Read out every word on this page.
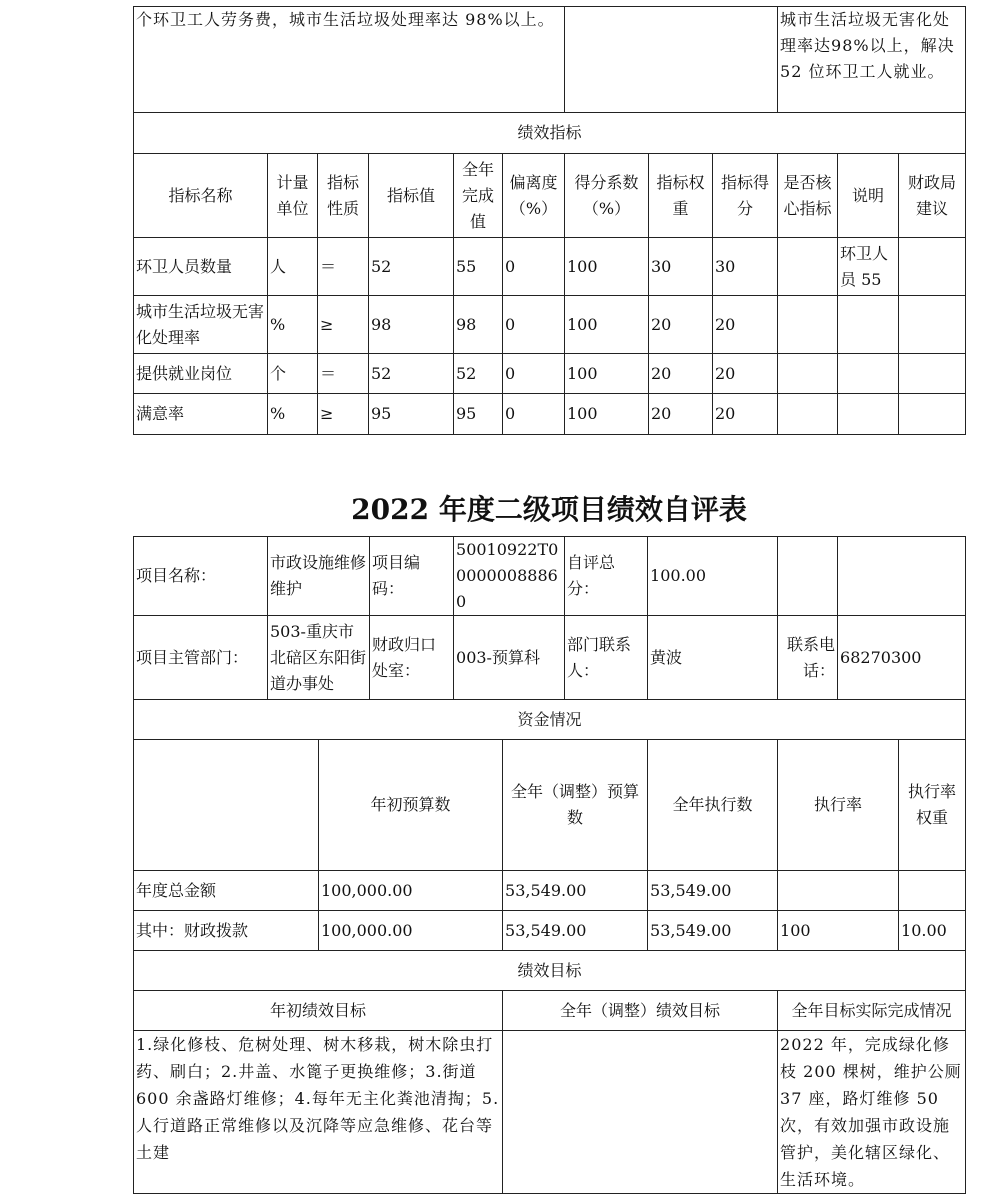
个环卫工人劳务费，城市生活垃圾处理率达 98%以上。									城市生活垃圾无害化处理率达98%以上，解决 52 位环卫工人就业。		
绩效指标											
指标名称	计量单位	指标性质	指标值	全年完成值	偏离度（%）	得分系数（%）	指标权重	指标得分	是否核心指标	说明	财政局建议
环卫人员数量	人	＝	52	55	0	100	30	30		环卫人员 55	
城市生活垃圾无害化处理率	%	≥	98	98	0	100	20	20			
提供就业岗位	个	＝	52	52	0	100	20	20			
满意率	%	≥	95	95	0	100	20	20			
2022 年度二级项目绩效自评表
项目名称：	市政设施维修维护		项目编码：	50010922T000000088860		自评总分：	100.00				
项目主管部门：	503-重庆市北碚区东阳街道办事处		财政归口处室：	003-预算科		部门联系人：	黄波	联系电话：	68270300		
资金情况											
		年初预算数			全年（调整）预算数		全年执行数	执行率		执行率权重	
年度总金额		100,000.00			53,549.00		53,549.00				
其中：财政拨款		100,000.00			53,549.00		53,549.00	100		10.00	
绩效目标											
年初绩效目标					全年（调整）绩效目标			全年目标实际完成情况			
1.绿化修枝、危树处理、树木移栽，树木除虫打药、刷白；2.井盖、水篦子更换维修；3.街道 600 余盏路灯维修；4.每年无主化粪池清掏；5.人行道路正常维修以及沉降等应急维修、花台等土建								2022 年，完成绿化修枝 200 棵树，维护公厕 37 座，路灯维修 50 次，有效加强市政设施管护，美化辖区绿化、生活环境。			
